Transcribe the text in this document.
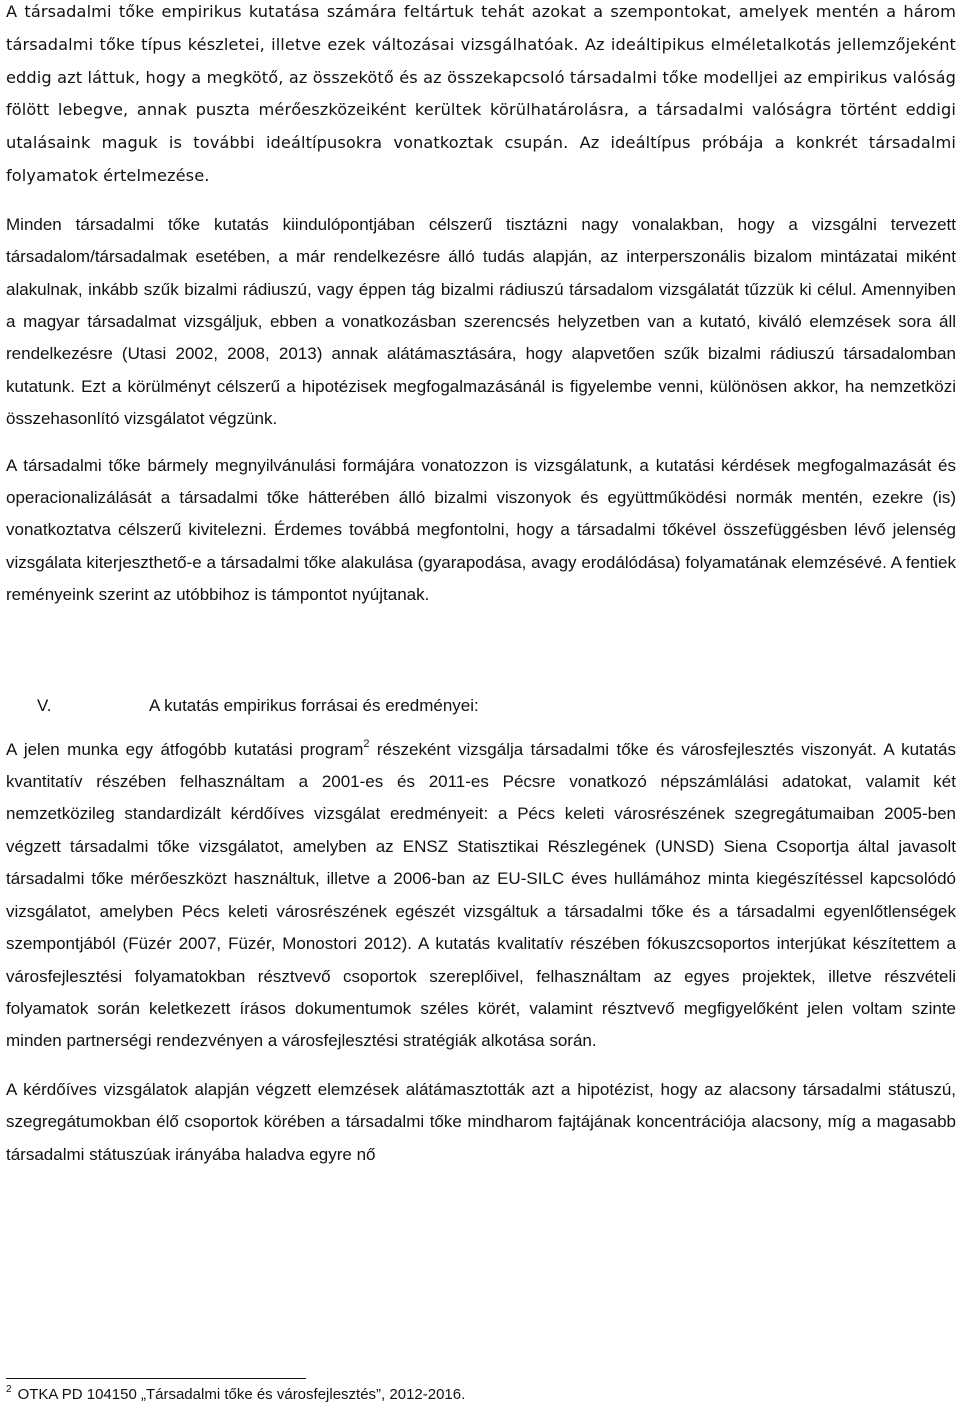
A társadalmi tőke empirikus kutatása számára feltártuk tehát azokat a szempontokat, amelyek mentén a három társadalmi tőke típus készletei, illetve ezek változásai vizsgálhatóak. Az ideáltipikus elméletalkotás jellemzőjeként eddig azt láttuk, hogy a megkötő, az összekötő és az összekapcsoló társadalmi tőke modelljei az empirikus valóság fölött lebegve, annak puszta mérőeszközeiként kerültek körülhatárolásra, a társadalmi valóságra történt eddigi utalásaink maguk is további ideáltípusokra vonatkoztak csupán. Az ideáltípus próbája a konkrét társadalmi folyamatok értelmezése.

Minden társadalmi tőke kutatás kiindulópontjában célszerű tisztázni nagy vonalakban, hogy a vizsgálni tervezett társadalom/társadalmak esetében, a már rendelkezésre álló tudás alapján, az interperszonális bizalom mintázatai miként alakulnak, inkább szűk bizalmi rádiuszú, vagy éppen tág bizalmi rádiuszú társadalom vizsgálatát tűzzük ki célul. Amennyiben a magyar társadalmat vizsgáljuk, ebben a vonatkozásban szerencsés helyzetben van a kutató, kiváló elemzések sora áll rendelkezésre (Utasi 2002, 2008, 2013) annak alátámasztására, hogy alapvetően szűk bizalmi rádiuszú társadalomban kutatunk. Ezt a körülményt célszerű a hipotézisek megfogalmazásánál is figyelembe venni, különösen akkor, ha nemzetközi összehasonlító vizsgálatot végzünk.

A társadalmi tőke bármely megnyilvánulási formájára vonatozzon is vizsgálatunk, a kutatási kérdések megfogalmazását és operacionalizálását a társadalmi tőke hátterében álló bizalmi viszonyok és együttműködési normák mentén, ezekre (is) vonatkoztatva célszerű kivitelezni. Érdemes továbbá megfontolni, hogy a társadalmi tőkével összefüggésben lévő jelenség vizsgálata kiterjeszthető-e a társadalmi tőke alakulása (gyarapodása, avagy erodálódása) folyamatának elemzésévé. A fentiek reményeink szerint az utóbbihoz is támpontot nyújtanak.

V.	A kutatás empirikus forrásai és eredményei:

A jelen munka egy átfogóbb kutatási program$^2$ részeként vizsgálja társadalmi tőke és városfejlesztés viszonyát. A kutatás kvantitatív részében felhasználtam a 2001-es és 2011-es Pécsre vonatkozó népszámlálási adatokat, valamit két nemzetközileg standardizált kérdőíves vizsgálat eredményeit: a Pécs keleti városrészének szegregátumaiban 2005-ben végzett társadalmi tőke vizsgálatot, amelyben az ENSZ Statisztikai Részlegének (UNSD) Siena Csoportja által javasolt társadalmi tőke mérőeszközt használtuk, illetve a 2006-ban az EU-SILC éves hullámához minta kiegészítéssel kapcsolódó vizsgálatot, amelyben Pécs keleti városrészének egészét vizsgáltuk a társadalmi tőke és a társadalmi egyenlőtlenségek szempontjából (Füzér 2007, Füzér, Monostori 2012). A kutatás kvalitatív részében fókuszcsoportos interjúkat készítettem a városfejlesztési folyamatokban résztvevő csoportok szereplőivel, felhasználtam az egyes projektek, illetve részvételi folyamatok során keletkezett írásos dokumentumok széles körét, valamint résztvevő megfigyelőként jelen voltam szinte minden partnerségi rendezvényen a városfejlesztési stratégiák alkotása során.

A kérdőíves vizsgálatok alapján végzett elemzések alátámasztották azt a hipotézist, hogy az alacsony társadalmi státuszú, szegregátumokban élő csoportok körében a társadalmi tőke mindharom fajtájának koncentrációja alacsony, míg a magasabb társadalmi státuszúak irányába haladva egyre nő

$^2$ OTKA PD 104150 „Társadalmi tőke és városfejlesztés”, 2012-2016.
